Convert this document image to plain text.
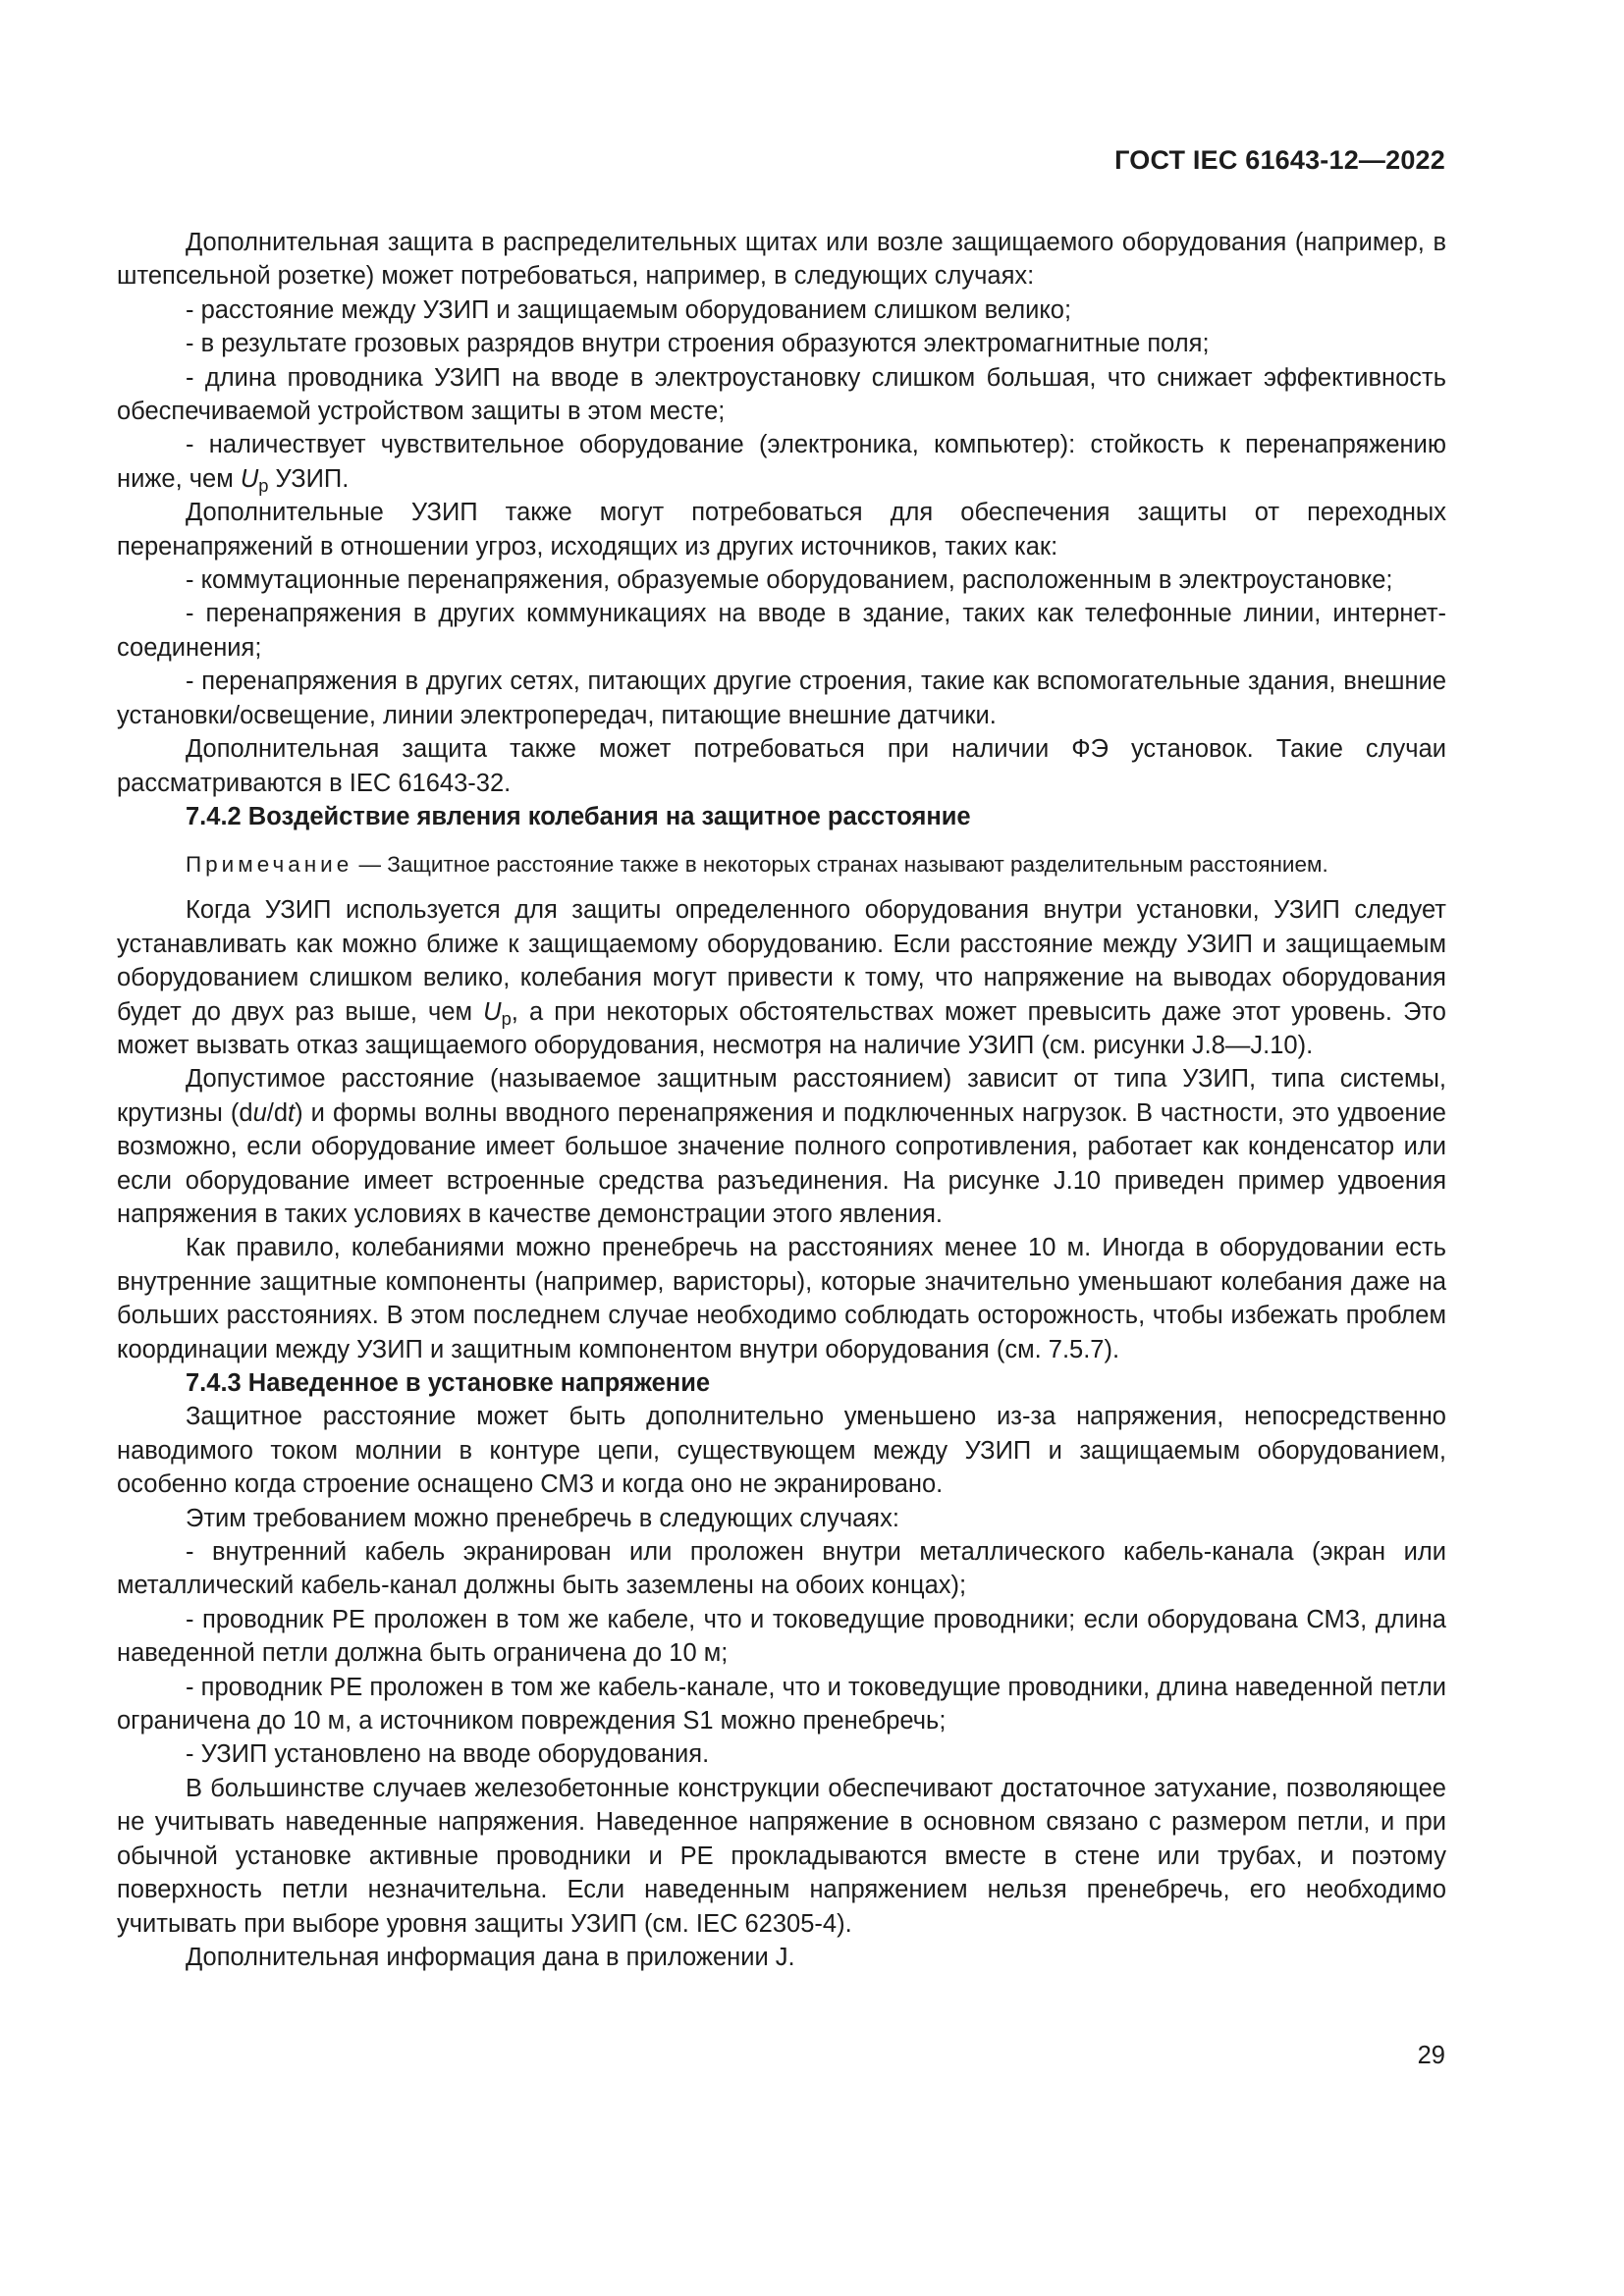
ГОСТ IEC 61643-12—2022

Дополнительная защита в распределительных щитах или возле защищаемого оборудования (например, в штепсельной розетке) может потребоваться, например, в следующих случаях:

- расстояние между УЗИП и защищаемым оборудованием слишком велико;

- в результате грозовых разрядов внутри строения образуются электромагнитные поля;

- длина проводника УЗИП на вводе в электроустановку слишком большая, что снижает эффективность обеспечиваемой устройством защиты в этом месте;

- наличествует чувствительное оборудование (электроника, компьютер): стойкость к перенапряжению ниже, чем $U_p$ УЗИП.

Дополнительные УЗИП также могут потребоваться для обеспечения защиты от переходных перенапряжений в отношении угроз, исходящих из других источников, таких как:

- коммутационные перенапряжения, образуемые оборудованием, расположенным в электроустановке;

- перенапряжения в других коммуникациях на вводе в здание, таких как телефонные линии, интернет-соединения;

- перенапряжения в других сетях, питающих другие строения, такие как вспомогательные здания, внешние установки/освещение, линии электропередач, питающие внешние датчики.

Дополнительная защита также может потребоваться при наличии ФЭ установок. Такие случаи рассматриваются в IEC 61643-32.

7.4.2 Воздействие явления колебания на защитное расстояние

Примечание — Защитное расстояние также в некоторых странах называют разделительным расстоянием.

Когда УЗИП используется для защиты определенного оборудования внутри установки, УЗИП следует устанавливать как можно ближе к защищаемому оборудованию. Если расстояние между УЗИП и защищаемым оборудованием слишком велико, колебания могут привести к тому, что напряжение на выводах оборудования будет до двух раз выше, чем $U_p$, а при некоторых обстоятельствах может превысить даже этот уровень. Это может вызвать отказ защищаемого оборудования, несмотря на наличие УЗИП (см. рисунки J.8—J.10).

Допустимое расстояние (называемое защитным расстоянием) зависит от типа УЗИП, типа системы, крутизны (du/dt) и формы волны вводного перенапряжения и подключенных нагрузок. В частности, это удвоение возможно, если оборудование имеет большое значение полного сопротивления, работает как конденсатор или если оборудование имеет встроенные средства разъединения. На рисунке J.10 приведен пример удвоения напряжения в таких условиях в качестве демонстрации этого явления.

Как правило, колебаниями можно пренебречь на расстояниях менее 10 м. Иногда в оборудовании есть внутренние защитные компоненты (например, варисторы), которые значительно уменьшают колебания даже на больших расстояниях. В этом последнем случае необходимо соблюдать осторожность, чтобы избежать проблем координации между УЗИП и защитным компонентом внутри оборудования (см. 7.5.7).

7.4.3 Наведенное в установке напряжение

Защитное расстояние может быть дополнительно уменьшено из-за напряжения, непосредственно наводимого током молнии в контуре цепи, существующем между УЗИП и защищаемым оборудованием, особенно когда строение оснащено СМЗ и когда оно не экранировано.

Этим требованием можно пренебречь в следующих случаях:

- внутренний кабель экранирован или проложен внутри металлического кабель-канала (экран или металлический кабель-канал должны быть заземлены на обоих концах);

- проводник PE проложен в том же кабеле, что и токоведущие проводники; если оборудована СМЗ, длина наведенной петли должна быть ограничена до 10 м;

- проводник PE проложен в том же кабель-канале, что и токоведущие проводники, длина наведенной петли ограничена до 10 м, а источником повреждения S1 можно пренебречь;

- УЗИП установлено на вводе оборудования.

В большинстве случаев железобетонные конструкции обеспечивают достаточное затухание, позволяющее не учитывать наведенные напряжения. Наведенное напряжение в основном связано с размером петли, и при обычной установке активные проводники и PE прокладываются вместе в стене или трубах, и поэтому поверхность петли незначительна. Если наведенным напряжением нельзя пренебречь, его необходимо учитывать при выборе уровня защиты УЗИП (см. IEC 62305-4).

Дополнительная информация дана в приложении J.

29
